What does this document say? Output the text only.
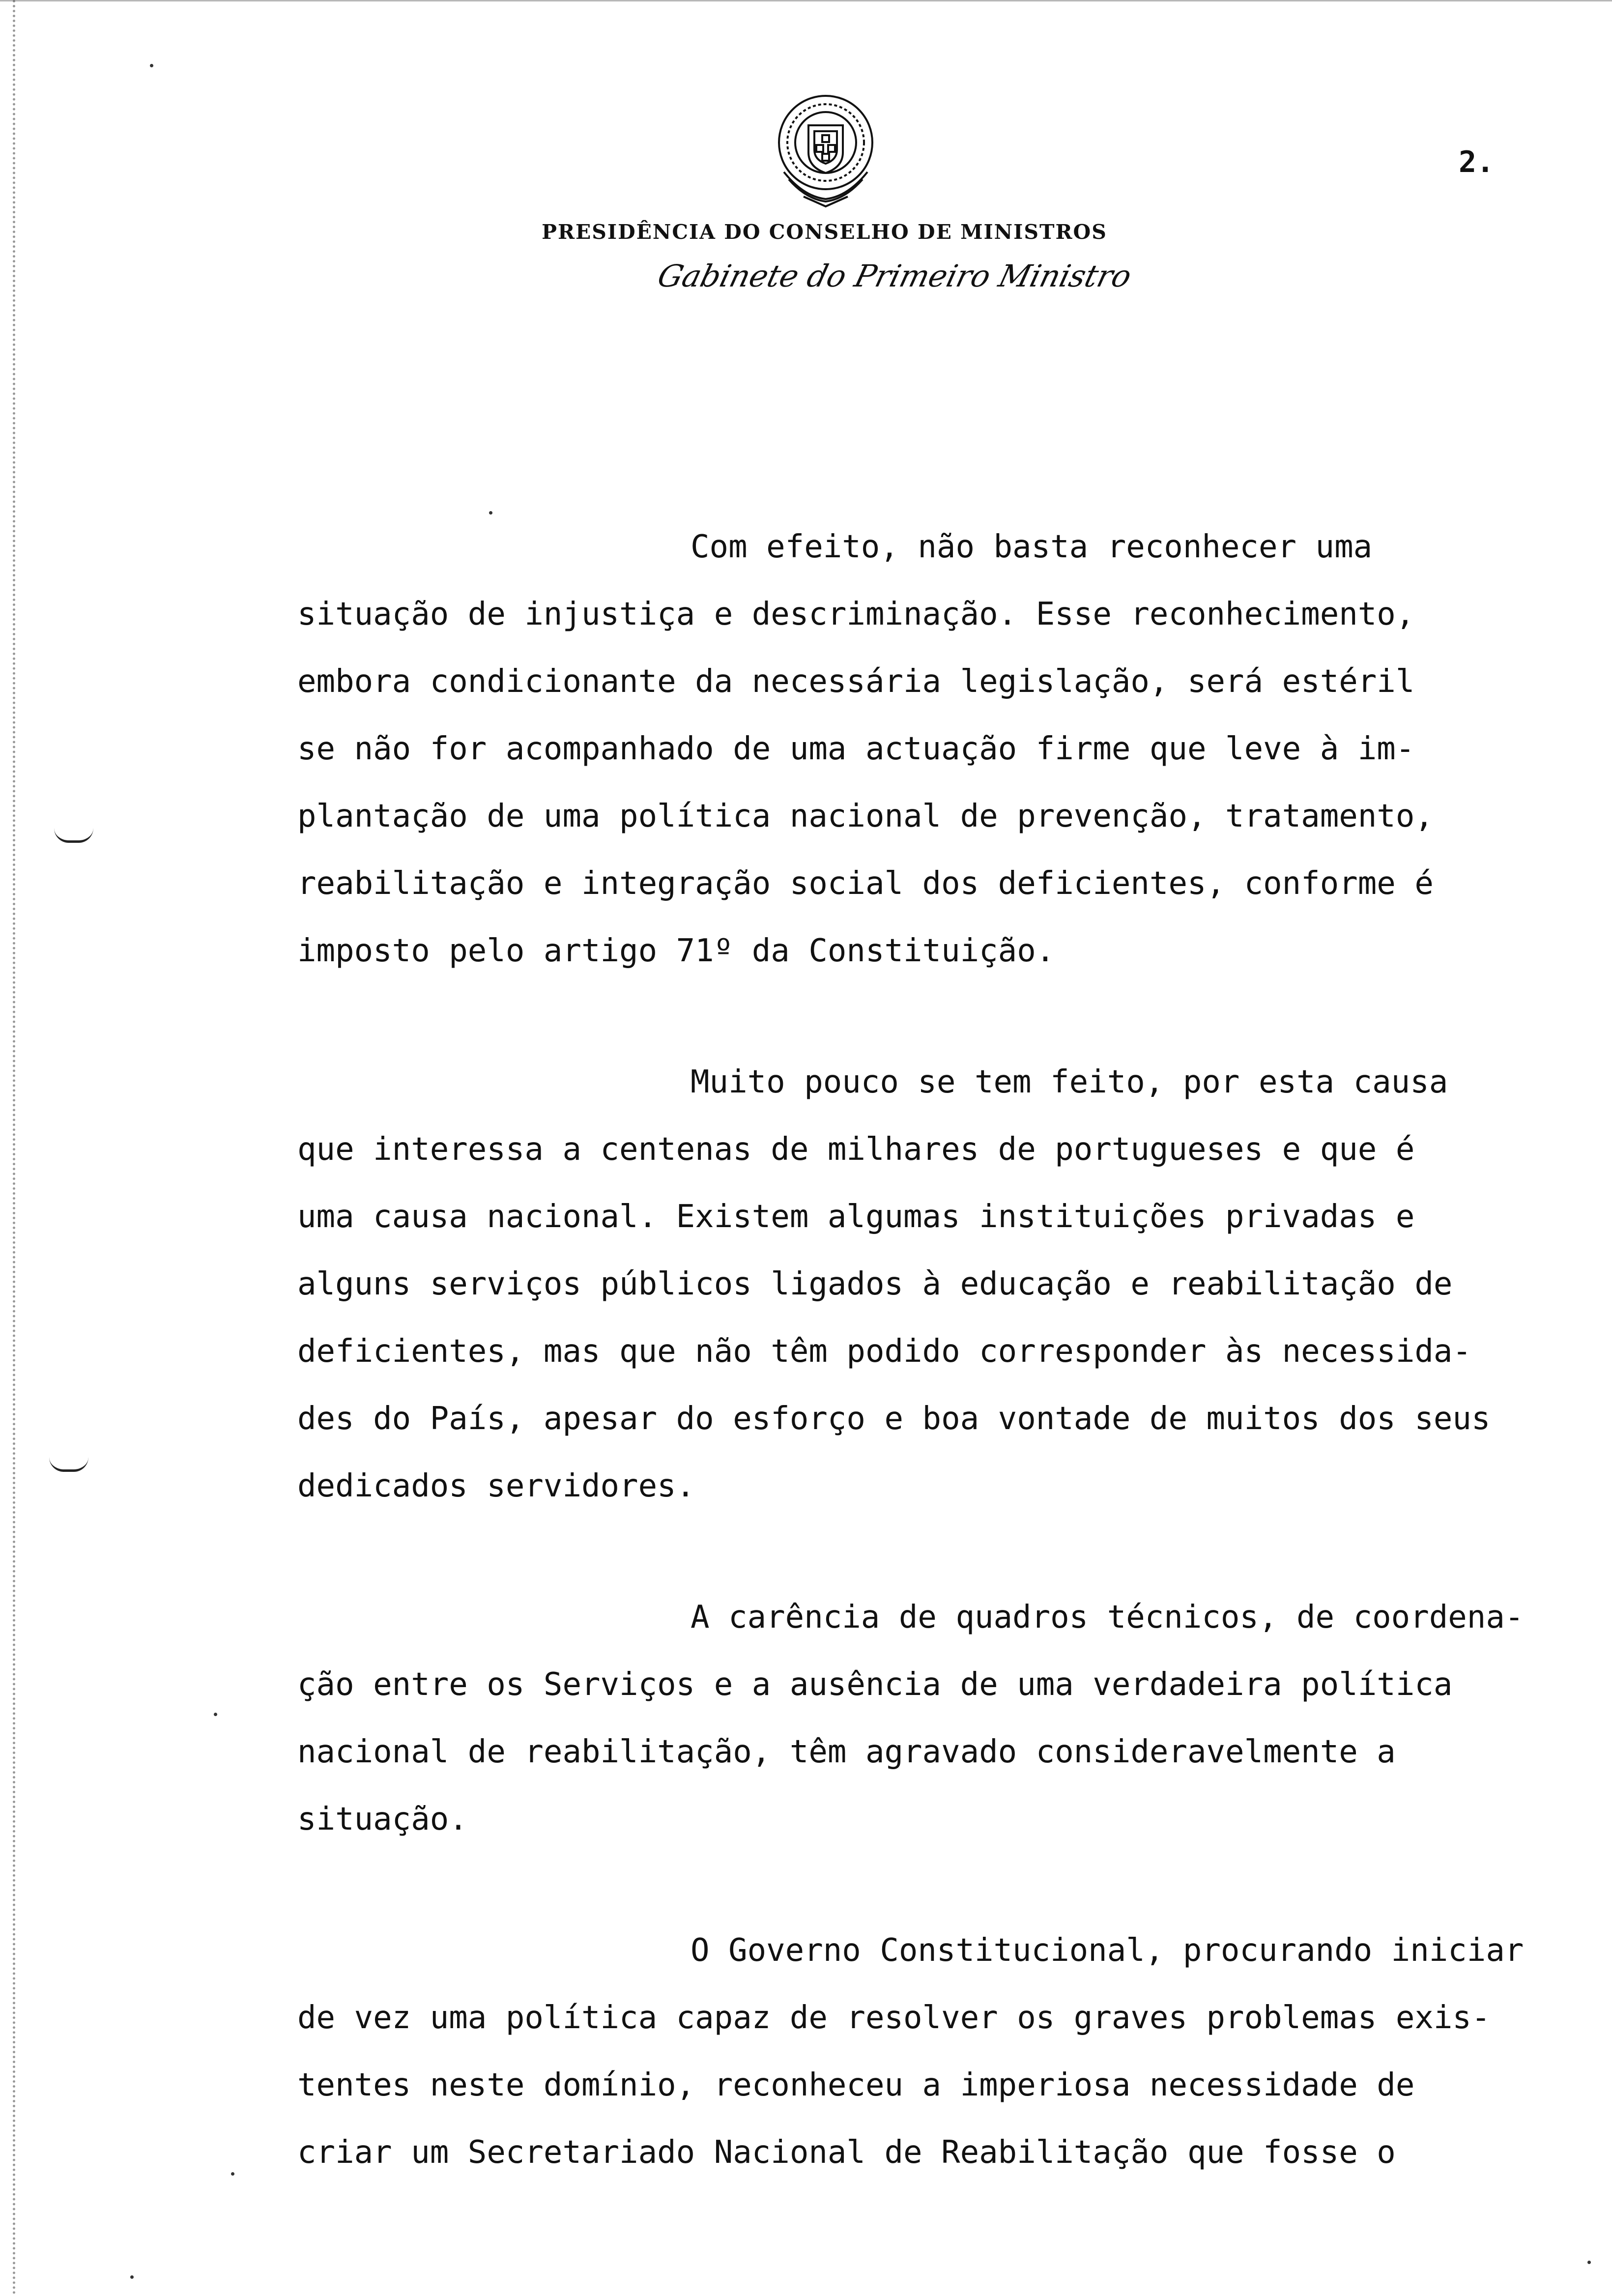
2.
PRESIDÊNCIA DO CONSELHO DE MINISTROS
Gabinete do Primeiro Ministro

Com efeito, não basta reconhecer uma
situação de injustiça e descriminação. Esse reconhecimento,
embora condicionante da necessária legislação, será estéril
se não for acompanhado de uma actuação firme que leve à im-
plantação de uma política nacional de prevenção, tratamento,
reabilitação e integração social dos deficientes, conforme é
imposto pelo artigo 71º da Constituição.

Muito pouco se tem feito, por esta causa
que interessa a centenas de milhares de portugueses e que é
uma causa nacional. Existem algumas instituições privadas e
alguns serviços públicos ligados à educação e reabilitação de
deficientes, mas que não têm podido corresponder às necessida-
des do País, apesar do esforço e boa vontade de muitos dos seus
dedicados servidores.

A carência de quadros técnicos, de coordena-
ção entre os Serviços e a ausência de uma verdadeira política
nacional de reabilitação, têm agravado consideravelmente a
situação.

O Governo Constitucional, procurando iniciar
de vez uma política capaz de resolver os graves problemas exis-
tentes neste domínio, reconheceu a imperiosa necessidade de
criar um Secretariado Nacional de Reabilitação que fosse o
